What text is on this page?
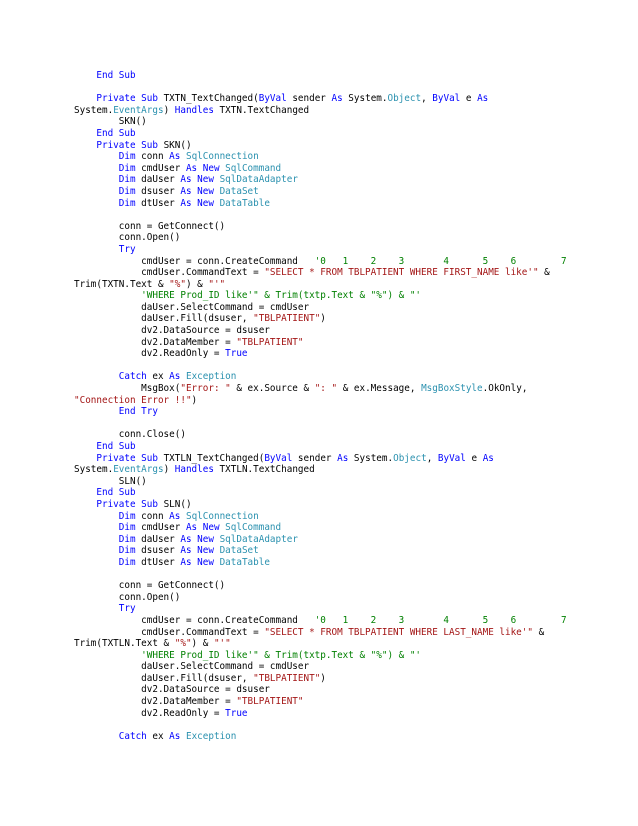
End Sub

Private Sub TXTN_TextChanged(ByVal sender As System.Object, ByVal e As
System.EventArgs) Handles TXTN.TextChanged
SKN()
End Sub
Private Sub SKN()
Dim conn As SqlConnection
Dim cmdUser As New SqlCommand
Dim daUser As New SqlDataAdapter
Dim dsuser As New DataSet
Dim dtUser As New DataTable

conn = GetConnect()
conn.Open()
Try
cmdUser = conn.CreateCommand   '0   1    2    3       4      5    6        7
cmdUser.CommandText = "SELECT * FROM TBLPATIENT WHERE FIRST_NAME like'" &
Trim(TXTN.Text & "%") & "'"
'WHERE Prod_ID like'" & Trim(txtp.Text & "%") & "'
daUser.SelectCommand = cmdUser
daUser.Fill(dsuser, "TBLPATIENT")
dv2.DataSource = dsuser
dv2.DataMember = "TBLPATIENT"
dv2.ReadOnly = True

Catch ex As Exception
MsgBox("Error: " & ex.Source & ": " & ex.Message, MsgBoxStyle.OkOnly,
"Connection Error !!")
End Try

conn.Close()
End Sub
Private Sub TXTLN_TextChanged(ByVal sender As System.Object, ByVal e As
System.EventArgs) Handles TXTLN.TextChanged
SLN()
End Sub
Private Sub SLN()
Dim conn As SqlConnection
Dim cmdUser As New SqlCommand
Dim daUser As New SqlDataAdapter
Dim dsuser As New DataSet
Dim dtUser As New DataTable

conn = GetConnect()
conn.Open()
Try
cmdUser = conn.CreateCommand   '0   1    2    3       4      5    6        7
cmdUser.CommandText = "SELECT * FROM TBLPATIENT WHERE LAST_NAME like'" &
Trim(TXTLN.Text & "%") & "'"
'WHERE Prod_ID like'" & Trim(txtp.Text & "%") & "'
daUser.SelectCommand = cmdUser
daUser.Fill(dsuser, "TBLPATIENT")
dv2.DataSource = dsuser
dv2.DataMember = "TBLPATIENT"
dv2.ReadOnly = True

Catch ex As Exception
